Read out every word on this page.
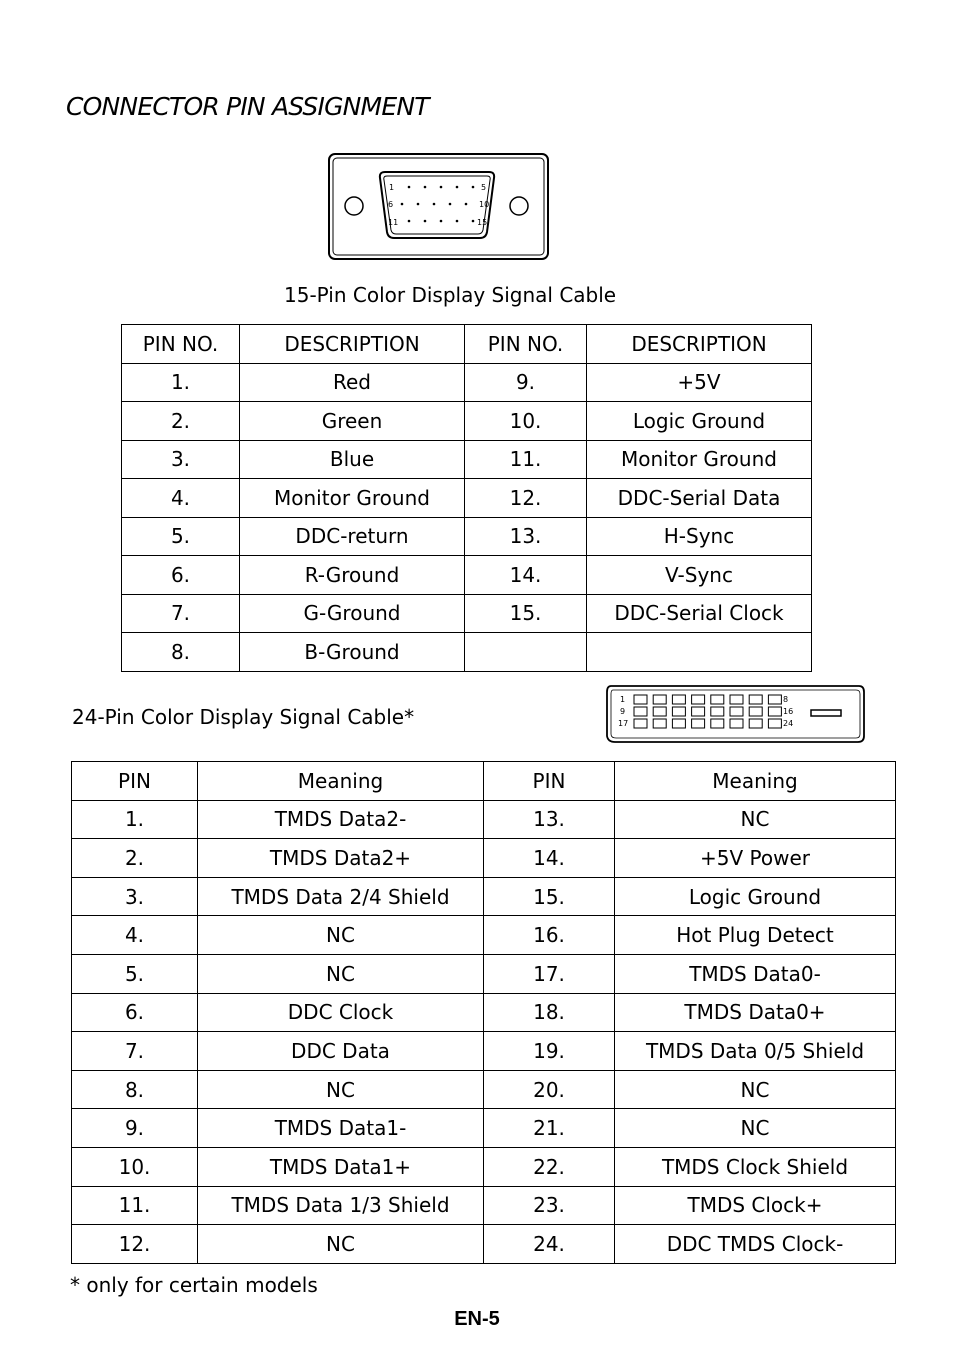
CONNECTOR PIN ASSIGNMENT
1	5
6	10
11	15
15-Pin Color Display Signal Cable
PIN NO.	DESCRIPTION	PIN NO.	DESCRIPTION
1.	Red	9.	+5V
2.	Green	10.	Logic Ground
3.	Blue	11.	Monitor Ground
4.	Monitor Ground	12.	DDC-Serial Data
5.	DDC-return	13.	H-Sync
6.	R-Ground	14.	V-Sync
7.	G-Ground	15.	DDC-Serial Clock
8.	B-Ground		
24-Pin Color Display Signal Cable*
1	8
9	16
17	24
PIN	Meaning	PIN	Meaning
1.	TMDS Data2-	13.	NC
2.	TMDS Data2+	14.	+5V Power
3.	TMDS Data 2/4 Shield	15.	Logic Ground
4.	NC	16.	Hot Plug Detect
5.	NC	17.	TMDS Data0-
6.	DDC Clock	18.	TMDS Data0+
7.	DDC Data	19.	TMDS Data 0/5 Shield
8.	NC	20.	NC
9.	TMDS Data1-	21.	NC
10.	TMDS Data1+	22.	TMDS Clock Shield
11.	TMDS Data 1/3 Shield	23.	TMDS Clock+
12.	NC	24.	DDC TMDS Clock-
* only for certain models
EN-5
